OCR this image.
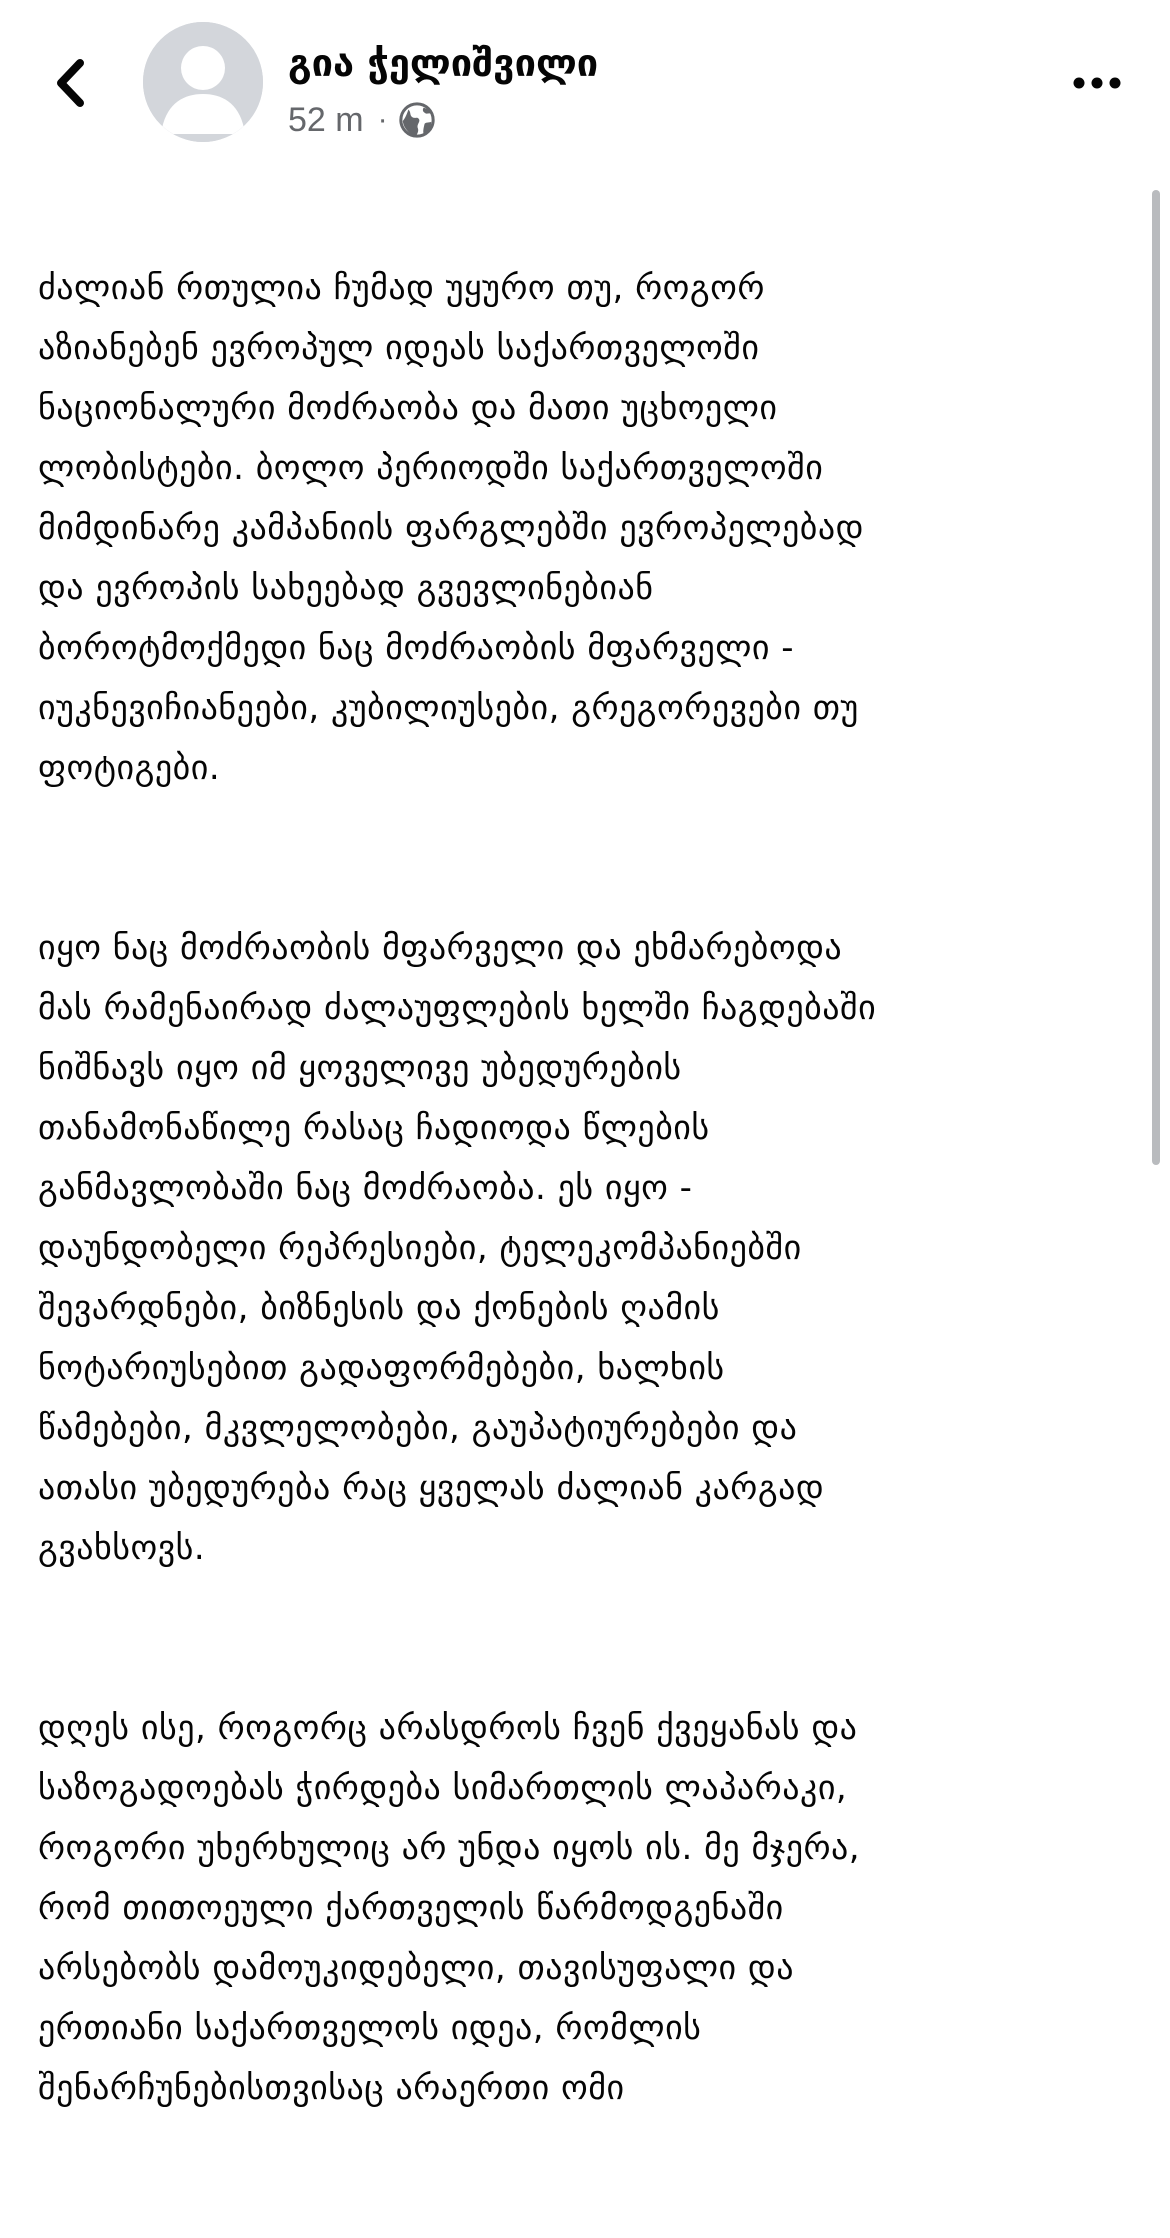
გია ჭელიშვილი
52 m ·

ძალიან რთულია ჩუმად უყურო თუ, როგორ
აზიანებენ ევროპულ იდეას საქართველოში
ნაციონალური მოძრაობა და მათი უცხოელი
ლობისტები. ბოლო პერიოდში საქართველოში
მიმდინარე კამპანიის ფარგლებში ევროპელებად
და ევროპის სახეებად გვევლინებიან
ბოროტმოქმედი ნაც მოძრაობის მფარველი -
იუკნევიჩიანეები, კუბილიუსები, გრეგორევები თუ
ფოტიგები.

იყო ნაც მოძრაობის მფარველი და ეხმარებოდა
მას რამენაირად ძალაუფლების ხელში ჩაგდებაში
ნიშნავს იყო იმ ყოველივე უბედურების
თანამონაწილე რასაც ჩადიოდა წლების
განმავლობაში ნაც მოძრაობა. ეს იყო -
დაუნდობელი რეპრესიები, ტელეკომპანიებში
შევარდნები, ბიზნესის და ქონების ღამის
ნოტარიუსებით გადაფორმებები, ხალხის
წამებები, მკვლელობები, გაუპატიურებები და
ათასი უბედურება რაც ყველას ძალიან კარგად
გვახსოვს.

დღეს ისე, როგორც არასდროს ჩვენ ქვეყანას და
საზოგადოებას ჭირდება სიმართლის ლაპარაკი,
როგორი უხერხულიც არ უნდა იყოს ის. მე მჯერა,
რომ თითოეული ქართველის წარმოდგენაში
არსებობს დამოუკიდებელი, თავისუფალი და
ერთიანი საქართველოს იდეა, რომლის
შენარჩუნებისთვისაც არაერთი ომი
